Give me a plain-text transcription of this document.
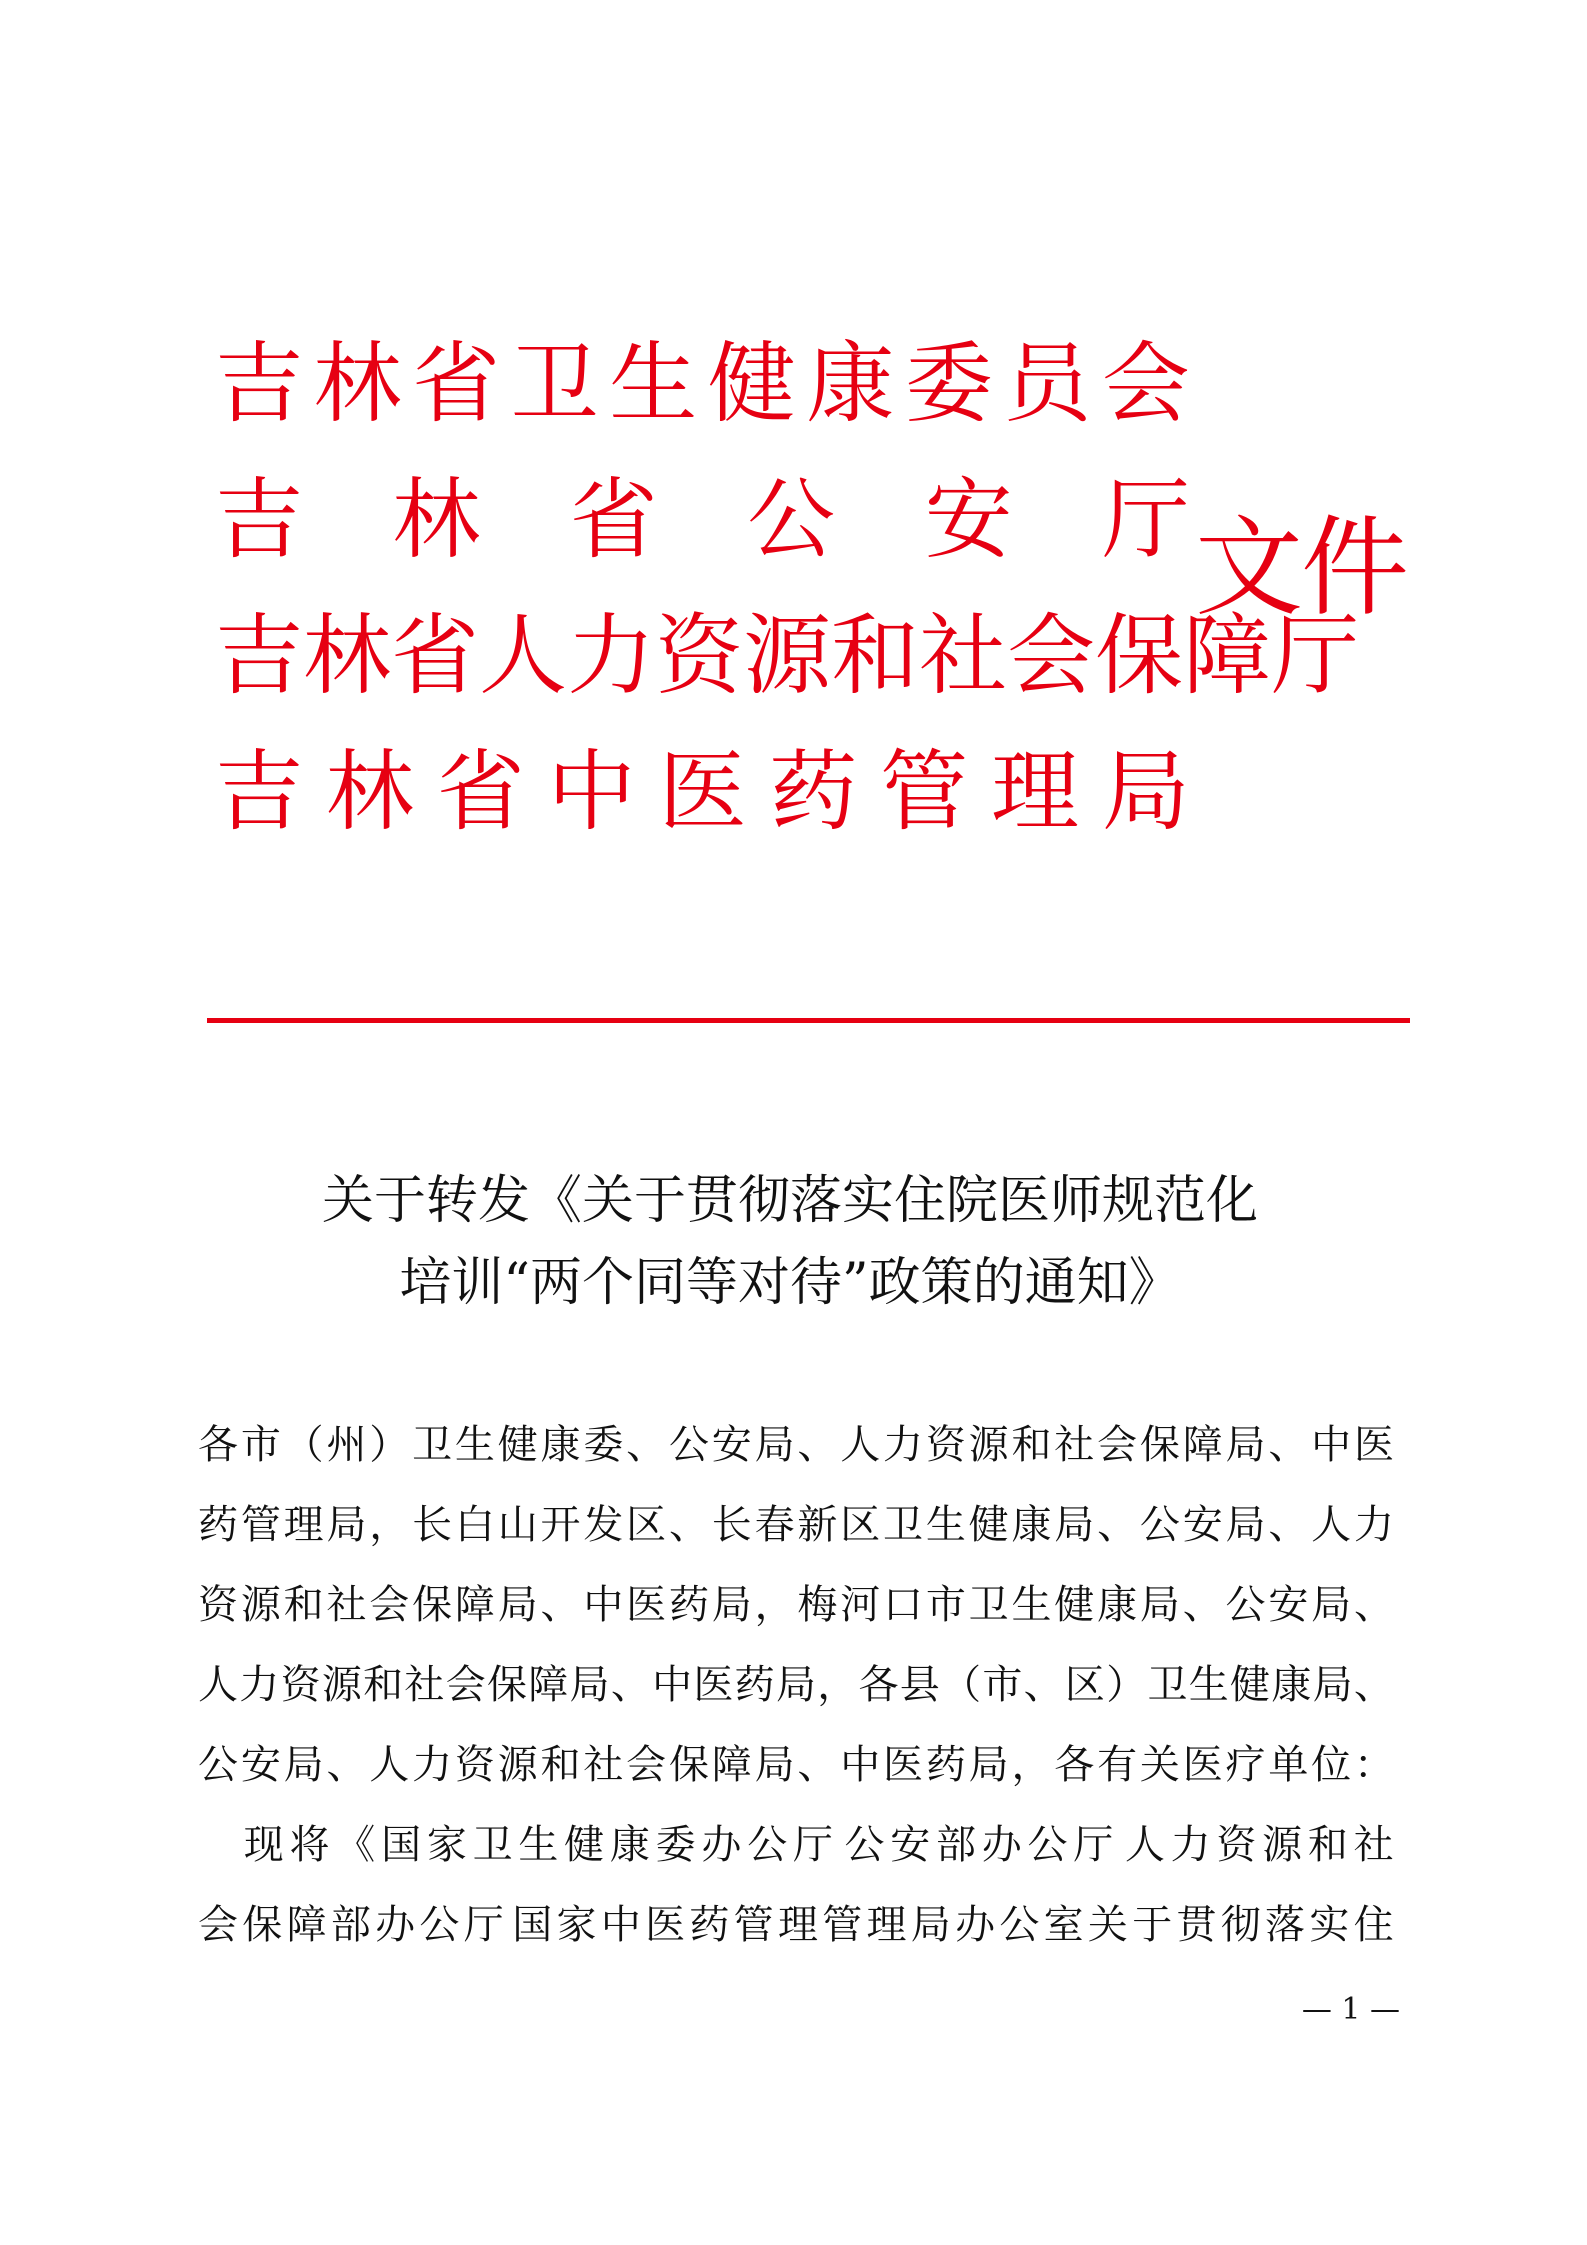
吉 林 省 卫 生 健 康 委 员 会
吉 林 省 公 安 厅
吉 林 省 人 力 资 源 和 社 会 保 障 厅
吉 林 省 中 医 药 管 理 局
文件
关于转发《关于贯彻落实住院医师规范化
培训“两个同等对待”政策的通知》
各 市 （ 州 ） 卫 生 健 康 委 、 公 安 局 、 人 力 资 源 和 社 会 保 障 局 、 中 医
药 管 理 局 ， 长 白 山 开 发 区 、 长 春 新 区 卫 生 健 康 局 、 公 安 局 、 人 力
资 源 和 社 会 保 障 局 、 中 医 药 局 ， 梅 河 口 市 卫 生 健 康 局 、 公 安 局 、
人 力 资 源 和 社 会 保 障 局 、 中 医 药 局 ， 各 县 （ 市 、 区 ） 卫 生 健 康 局 、
公 安 局 、 人 力 资 源 和 社 会 保 障 局 、 中 医 药 局 ， 各 有 关 医 疗 单 位 ：

现 将 《 国 家 卫 生 健 康 委 办 公 厅 公 安 部 办 公 厅 人 力 资 源 和 社
会 保 障 部 办 公 厅 国 家 中 医 药 管 理 管 理 局 办 公 室 关 于 贯 彻 落 实 住
— 1 —
